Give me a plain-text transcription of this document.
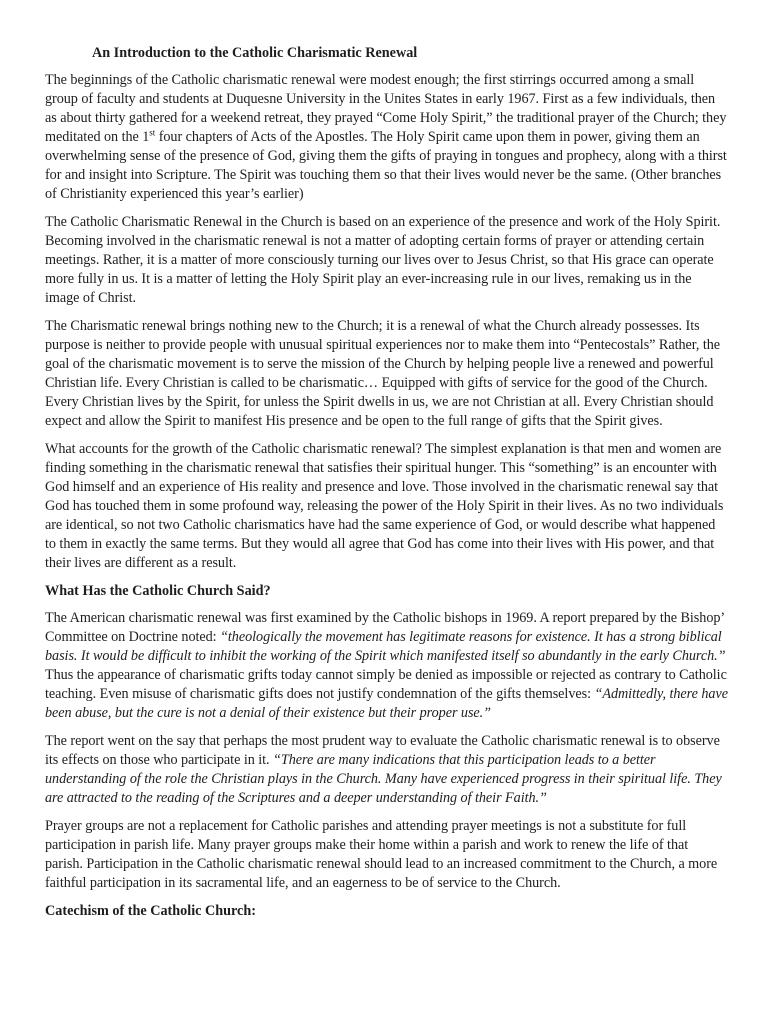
An Introduction to the Catholic Charismatic Renewal

The beginnings of the Catholic charismatic renewal were modest enough; the first stirrings occurred among a small group of faculty and students at Duquesne University in the Unites States in early 1967. First as a few individuals, then as about thirty gathered for a weekend retreat, they prayed “Come Holy Spirit,” the traditional prayer of the Church; they meditated on the 1st four chapters of Acts of the Apostles. The Holy Spirit came upon them in power, giving them an overwhelming sense of the presence of God, giving them the gifts of praying in tongues and prophecy, along with a thirst for and insight into Scripture. The Spirit was touching them so that their lives would never be the same. (Other branches of Christianity experienced this year’s earlier)

The Catholic Charismatic Renewal in the Church is based on an experience of the presence and work of the Holy Spirit. Becoming involved in the charismatic renewal is not a matter of adopting certain forms of prayer or attending certain meetings. Rather, it is a matter of more consciously turning our lives over to Jesus Christ, so that His grace can operate more fully in us. It is a matter of letting the Holy Spirit play an ever-increasing rule in our lives, remaking us in the image of Christ.

The Charismatic renewal brings nothing new to the Church; it is a renewal of what the Church already possesses. Its purpose is neither to provide people with unusual spiritual experiences nor to make them into “Pentecostals” Rather, the goal of the charismatic movement is to serve the mission of the Church by helping people live a renewed and powerful Christian life. Every Christian is called to be charismatic… Equipped with gifts of service for the good of the Church. Every Christian lives by the Spirit, for unless the Spirit dwells in us, we are not Christian at all. Every Christian should expect and allow the Spirit to manifest His presence and be open to the full range of gifts that the Spirit gives.

What accounts for the growth of the Catholic charismatic renewal? The simplest explanation is that men and women are finding something in the charismatic renewal that satisfies their spiritual hunger. This “something” is an encounter with God himself and an experience of His reality and presence and love. Those involved in the charismatic renewal say that God has touched them in some profound way, releasing the power of the Holy Spirit in their lives. As no two individuals are identical, so not two Catholic charismatics have had the same experience of God, or would describe what happened to them in exactly the same terms. But they would all agree that God has come into their lives with His power, and that their lives are different as a result.

What Has the Catholic Church Said?

The American charismatic renewal was first examined by the Catholic bishops in 1969. A report prepared by the Bishop’ Committee on Doctrine noted: “theologically the movement has legitimate reasons for existence. It has a strong biblical basis. It would be difficult to inhibit the working of the Spirit which manifested itself so abundantly in the early Church.” Thus the appearance of charismatic grifts today cannot simply be denied as impossible or rejected as contrary to Catholic teaching. Even misuse of charismatic gifts does not justify condemnation of the gifts themselves: “Admittedly, there have been abuse, but the cure is not a denial of their existence but their proper use.”

The report went on the say that perhaps the most prudent way to evaluate the Catholic charismatic renewal is to observe its effects on those who participate in it. “There are many indications that this participation leads to a better understanding of the role the Christian plays in the Church. Many have experienced progress in their spiritual life. They are attracted to the reading of the Scriptures and a deeper understanding of their Faith.”

Prayer groups are not a replacement for Catholic parishes and attending prayer meetings is not a substitute for full participation in parish life. Many prayer groups make their home within a parish and work to renew the life of that parish. Participation in the Catholic charismatic renewal should lead to an increased commitment to the Church, a more faithful participation in its sacramental life, and an eagerness to be of service to the Church.

Catechism of the Catholic Church:
